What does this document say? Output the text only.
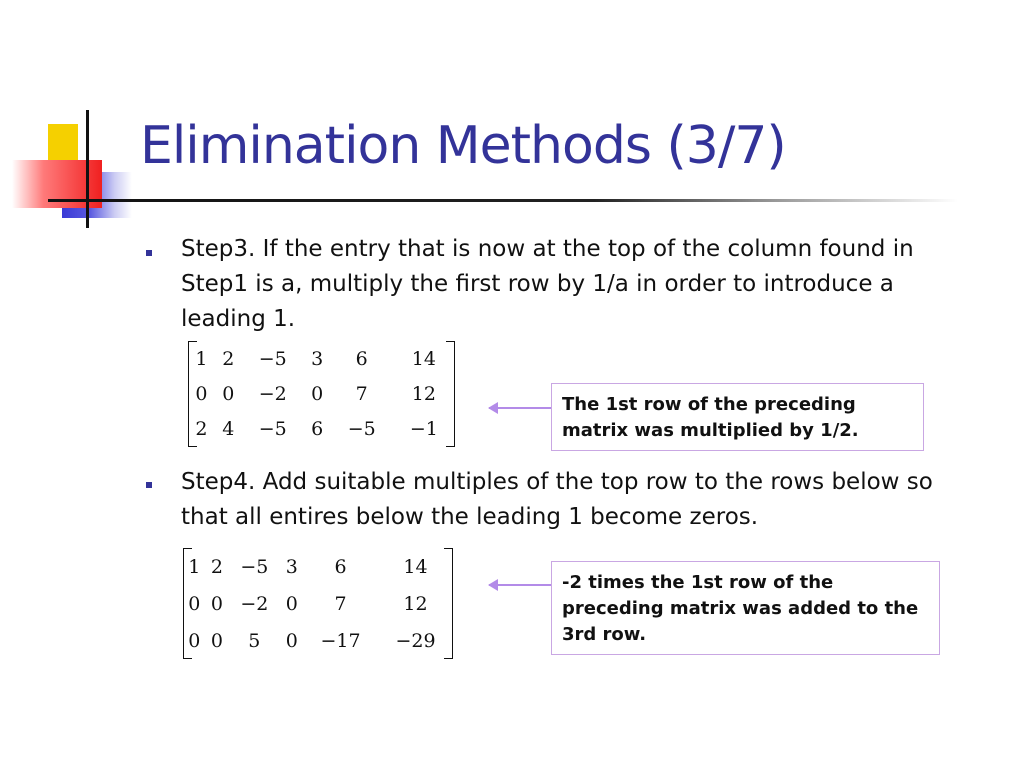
Elimination Methods (3/7)
Step3. If the entry that is now at the top of the column found in Step1 is a, multiply the first row by 1/a in order to introduce a leading 1.
1	2	−5	3	6	14
0	0	−2	0	7	12
2	4	−5	6	−5	−1
The 1st row of the preceding matrix was multiplied by 1/2.
Step4. Add suitable multiples of the top row to the rows below so that all entires below the leading 1 become zeros.
1	2	−5	3	6	14
0	0	−2	0	7	12
0	0	5	0	−17	−29
-2 times the 1st row of the preceding matrix was added to the 3rd row.
